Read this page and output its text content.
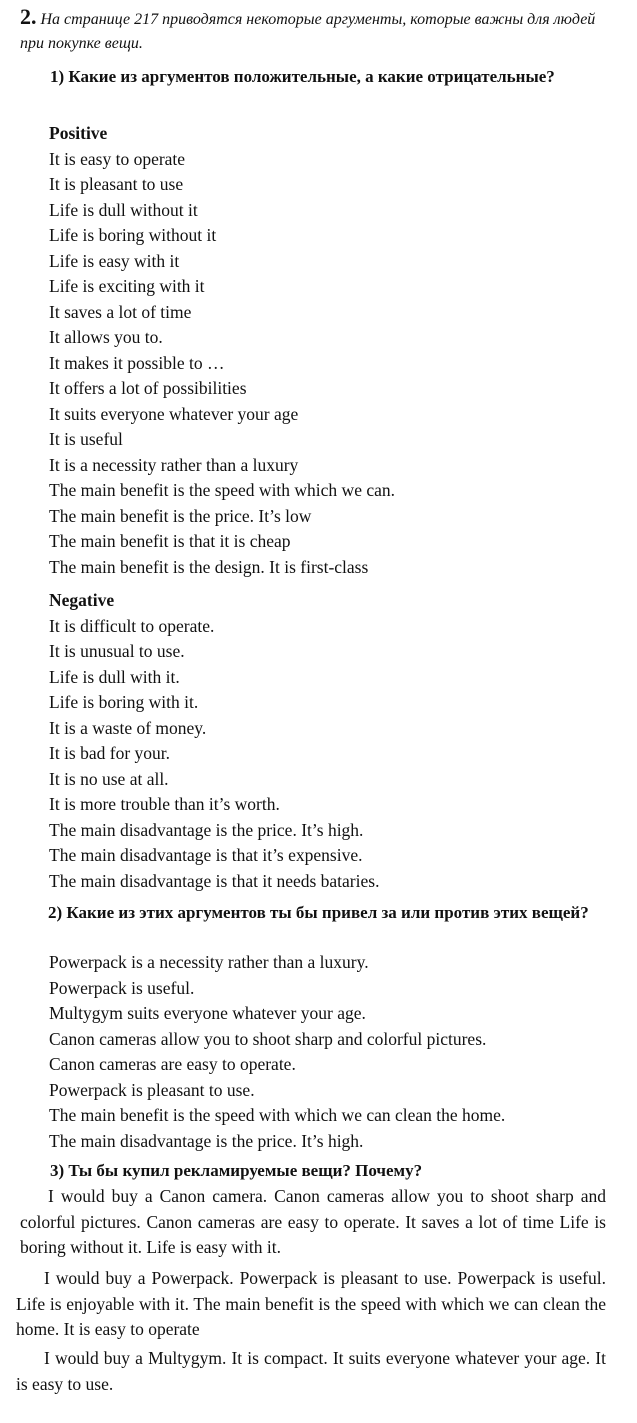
2. На странице 217 приводятся некоторые аргументы, которые важны для людей при покупке вещи.
1) Какие из аргументов положительные, а какие отрицательные?
Positive
It is easy to operate
It is pleasant to use
Life is dull without it
Life is boring without it
Life is easy with it
Life is exciting with it
It saves a lot of time
It allows you to.
It makes it possible to …
It offers a lot of possibilities
It suits everyone whatever your age
It is useful
It is a necessity rather than a luxury
The main benefit is the speed with which we can.
The main benefit is the price. It’s low
The main benefit is that it is cheap
The main benefit is the design. It is first-class
Negative
It is difficult to operate.
It is unusual to use.
Life is dull with it.
Life is boring with it.
It is a waste of money.
It is bad for your.
It is no use at all.
It is more trouble than it’s worth.
The main disadvantage is the price. It’s high.
The main disadvantage is that it’s expensive.
The main disadvantage is that it needs bataries.
2) Какие из этих аргументов ты бы привел за или против этих вещей?
Powerpack is a necessity rather than a luxury.
Powerpack is useful.
Multygym suits everyone whatever your age.
Canon cameras allow you to shoot sharp and colorful pictures.
Canon cameras are easy to operate.
Powerpack is pleasant to use.
The main benefit is the speed with which we can clean the home.
The main disadvantage is the price. It’s high.
3) Ты бы купил рекламируемые вещи? Почему?

I would buy a Canon camera. Canon cameras allow you to shoot sharp and colorful pictures. Canon cameras are easy to operate. It saves a lot of time Life is boring without it. Life is easy with it.

I would buy a Powerpack. Powerpack is pleasant to use. Powerpack is useful. Life is enjoyable with it. The main benefit is the speed with which we can clean the home. It is easy to operate

I would buy a Multygym. It is compact. It suits everyone whatever your age. It is easy to use.
